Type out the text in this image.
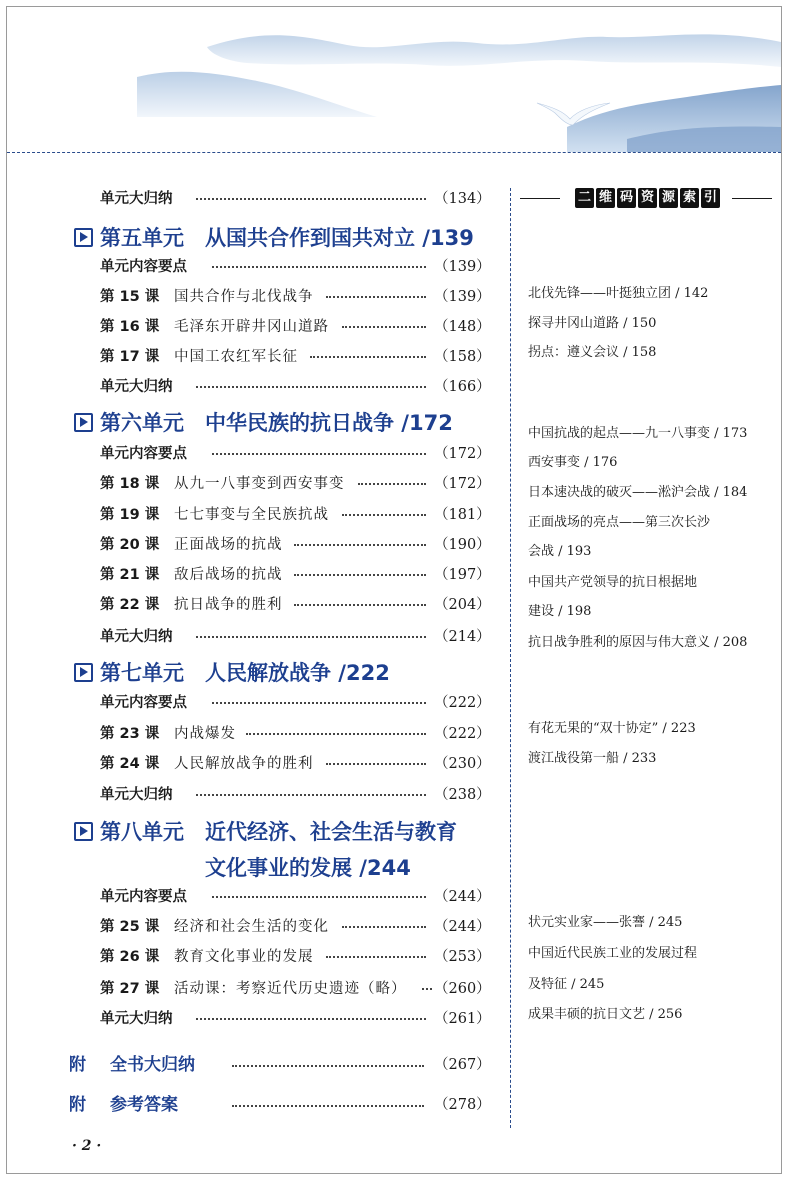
单元大归纳	（134）
第五单元　从国共合作到国共对立 /139
单元内容要点	（139）
第 15 课 国共合作与北伐战争	（139）
第 16 课 毛泽东开辟井冈山道路	（148）
第 17 课 中国工农红军长征	（158）
单元大归纳	（166）
第六单元　中华民族的抗日战争 /172
单元内容要点	（172）
第 18 课 从九一八事变到西安事变	（172）
第 19 课 七七事变与全民族抗战	（181）
第 20 课 正面战场的抗战	（190）
第 21 课 敌后战场的抗战	（197）
第 22 课 抗日战争的胜利	（204）
单元大归纳	（214）
第七单元　人民解放战争 /222
单元内容要点	（222）
第 23 课 内战爆发	（222）
第 24 课 人民解放战争的胜利	（230）
单元大归纳	（238）
第八单元　近代经济、社会生活与教育
文化事业的发展 /244
单元内容要点	（244）
第 25 课 经济和社会生活的变化	（244）
第 26 课 教育文化事业的发展	（253）
第 27 课 活动课：考察近代历史遗迹（略） （260）
单元大归纳	（261）
附 全书大归纳	（267）
附 参考答案	（278）
二 维 码 资 源 索 引
北伐先锋——叶挺独立团 / 142
探寻井冈山道路 / 150
拐点：遵义会议 / 158
中国抗战的起点——九一八事变 / 173
西安事变 / 176
日本速决战的破灭——淞沪会战 / 184
正面战场的亮点——第三次长沙
会战 / 193
中国共产党领导的抗日根据地
建设 / 198
抗日战争胜利的原因与伟大意义 / 208
有花无果的“双十协定” / 223
渡江战役第一船 / 233
状元实业家——张謇 / 245
中国近代民族工业的发展过程
及特征 / 245
成果丰硕的抗日文艺 / 256
· 2 ·
